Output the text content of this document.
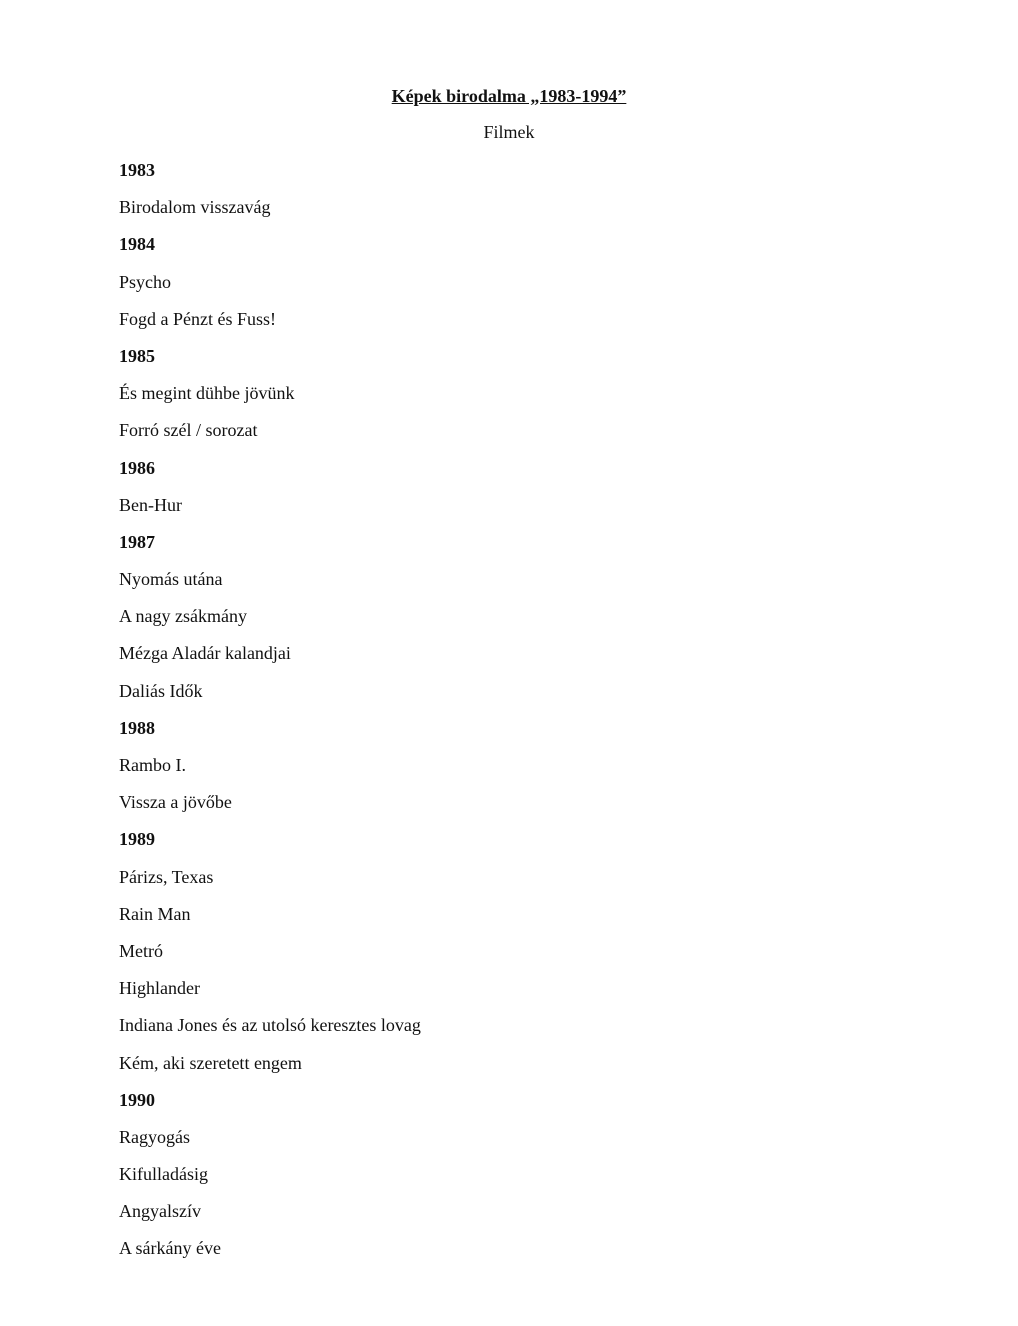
Képek birodalma „1983-1994”
Filmek
1983
Birodalom visszavág
1984
Psycho
Fogd a Pénzt és Fuss!
1985
És megint dühbe jövünk
Forró szél / sorozat
1986
Ben-Hur
1987
Nyomás utána
A nagy zsákmány
Mézga Aladár kalandjai
Daliás Idők
1988
Rambo I.
Vissza a jövőbe
1989
Párizs, Texas
Rain Man
Metró
Highlander
Indiana Jones és az utolsó keresztes lovag
Kém, aki szeretett engem
1990
Ragyogás
Kifulladásig
Angyalszív
A sárkány éve
